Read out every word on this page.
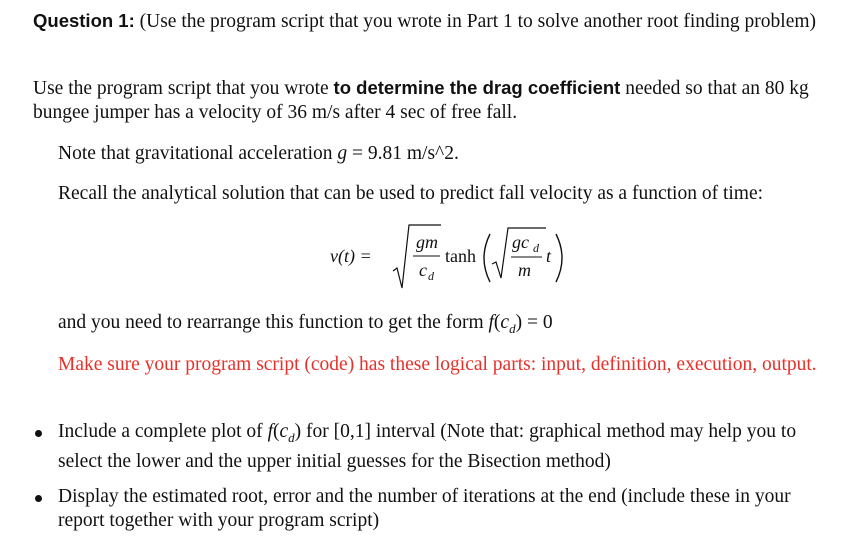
Question 1: (Use the program script that you wrote in Part 1 to solve another root finding problem)
Use the program script that you wrote to determine the drag coefficient needed so that an 80 kg bungee jumper has a velocity of 36 m/s after 4 sec of free fall.
Note that gravitational acceleration g = 9.81 m/s^2.
Recall the analytical solution that can be used to predict fall velocity as a function of time:
v(t) =
gm
c d
tanh
gc d
m
t
and you need to rearrange this function to get the form $f(c_d) = 0$
Make sure your program script (code) has these logical parts: input, definition, execution, output.
Include a complete plot of $f(c_d)$ for [0,1] interval (Note that: graphical method may help you to select the lower and the upper initial guesses for the Bisection method)
Display the estimated root, error and the number of iterations at the end (include these in your report together with your program script)
